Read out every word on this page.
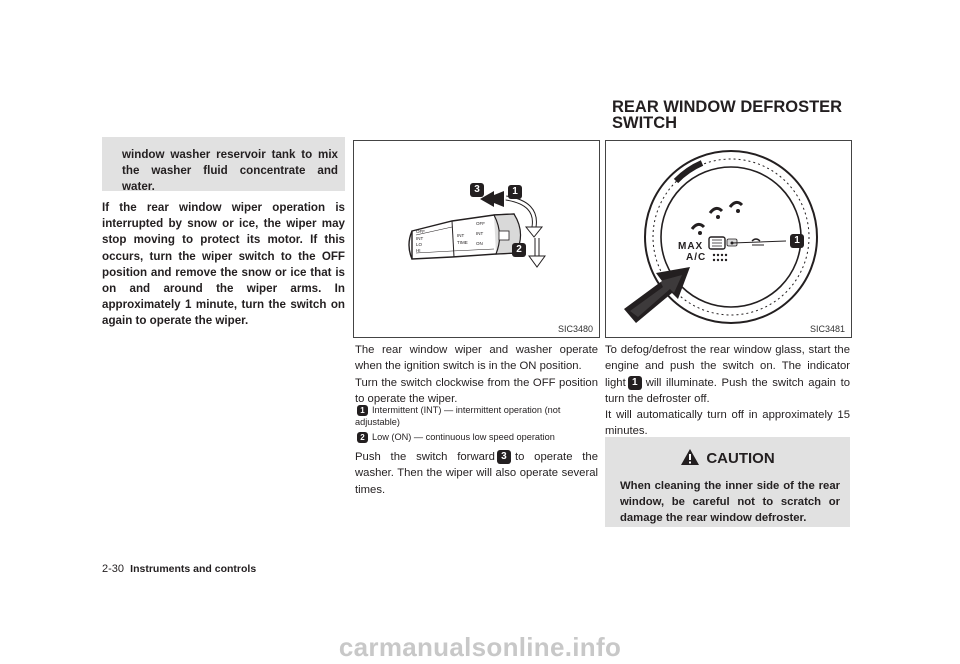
window washer reservoir tank to mix the washer fluid concentrate and water.

If the rear window wiper operation is interrupted by snow or ice, the wiper may stop moving to protect its motor. If this occurs, turn the wiper switch to the OFF position and remove the snow or ice that is on and around the wiper arms. In approximately 1 minute, turn the switch on again to operate the wiper.

OFF
INT
LO
HI
INT
TIME
OFF
INT
ON
3	1
2
SIC3480

The rear window wiper and washer operate when the ignition switch is in the ON position.

Turn the switch clockwise from the OFF position to operate the wiper.

1 Intermittent (INT) — intermittent operation (not adjustable)
2 Low (ON) — continuous low speed operation

Push the switch forward 3 to operate the washer. Then the wiper will also operate several times.

REAR WINDOW DEFROSTER SWITCH
MAX
A/C
1
SIC3481

To defog/defrost the rear window glass, start the engine and push the switch on. The indicator light 1 will illuminate. Push the switch again to turn the defroster off.

It will automatically turn off in approximately 15 minutes.

CAUTION

When cleaning the inner side of the rear window, be careful not to scratch or damage the rear window defroster.

2-30 Instruments and controls

carmanualsonline.info
